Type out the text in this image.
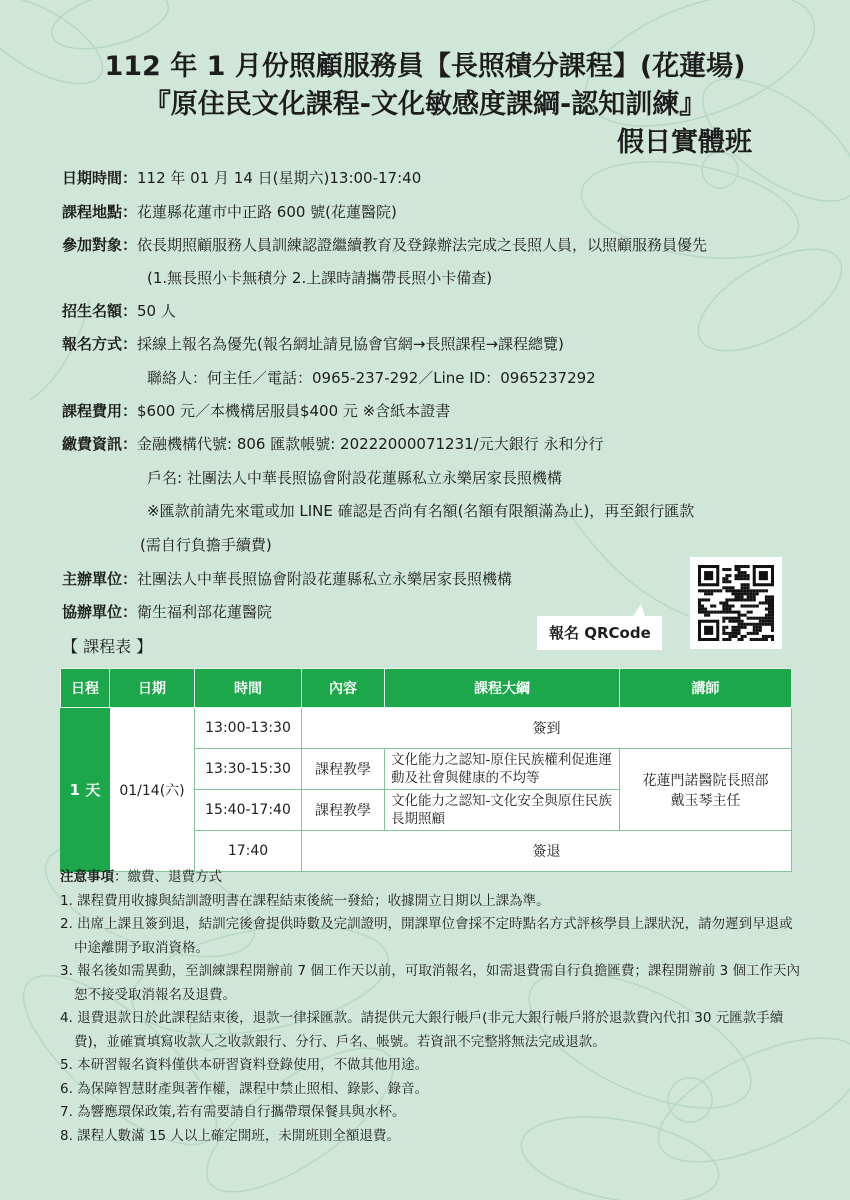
112 年 1 月份照顧服務員【長照積分課程】(花蓮場)
『原住民文化課程-文化敏感度課綱-認知訓練』
假日實體班
日期時間：112 年 01 月 14 日(星期六)13:00-17:40
課程地點：花蓮縣花蓮市中正路 600 號(花蓮醫院)
參加對象：依長期照顧服務人員訓練認證繼續教育及登錄辦法完成之長照人員，以照顧服務員優先
(1.無長照小卡無積分 2.上課時請攜帶長照小卡備查)
招生名額：50 人
報名方式：採線上報名為優先(報名網址請見協會官網→長照課程→課程總覽)
聯絡人：何主任／電話：0965-237-292／Line ID：0965237292
課程費用：$600 元／本機構居服員$400 元 ※含紙本證書
繳費資訊：金融機構代號: 806 匯款帳號: 20222000071231/元大銀行 永和分行
戶名: 社團法人中華長照協會附設花蓮縣私立永樂居家長照機構
※匯款前請先來電或加 LINE 確認是否尚有名額(名額有限額滿為止)，再至銀行匯款
(需自行負擔手續費)
主辦單位：社團法人中華長照協會附設花蓮縣私立永樂居家長照機構
協辦單位：衛生福利部花蓮醫院
報名 QRCode
【 課程表 】
日程	日期	時間	內容	課程大綱	講師
1 天	01/14(六)	13:00-13:30	簽到		
		13:30-15:30	課程教學	文化能力之認知-原住民族權利促進運動及社會與健康的不均等	花蓮門諾醫院長照部
戴玉琴主任

		15:40-17:40	課程教學	文化能力之認知-文化安全與原住民族長期照顧	
		17:40	簽退		
注意事項：繳費、退費方式
1. 課程費用收據與結訓證明書在課程結束後統一發給；收據開立日期以上課為準。
2. 出席上課且簽到退，結訓完後會提供時數及完訓證明，開課單位會採不定時點名方式評核學員上課狀況，請勿遲到早退或中途離開予取消資格。
3. 報名後如需異動，至訓練課程開辦前 7 個工作天以前，可取消報名，如需退費需自行負擔匯費；課程開辦前 3 個工作天內恕不接受取消報名及退費。
4. 退費退款日於此課程結束後，退款一律採匯款。請提供元大銀行帳戶(非元大銀行帳戶將於退款費內代扣 30 元匯款手續費)，並確實填寫收款人之收款銀行、分行、戶名、帳號。若資訊不完整將無法完成退款。
5. 本研習報名資料僅供本研習資料登錄使用，不做其他用途。
6. 為保障智慧財產與著作權，課程中禁止照相、錄影、錄音。
7. 為響應環保政策,若有需要請自行攜帶環保餐具與水杯。
8. 課程人數滿 15 人以上確定開班，未開班則全額退費。
